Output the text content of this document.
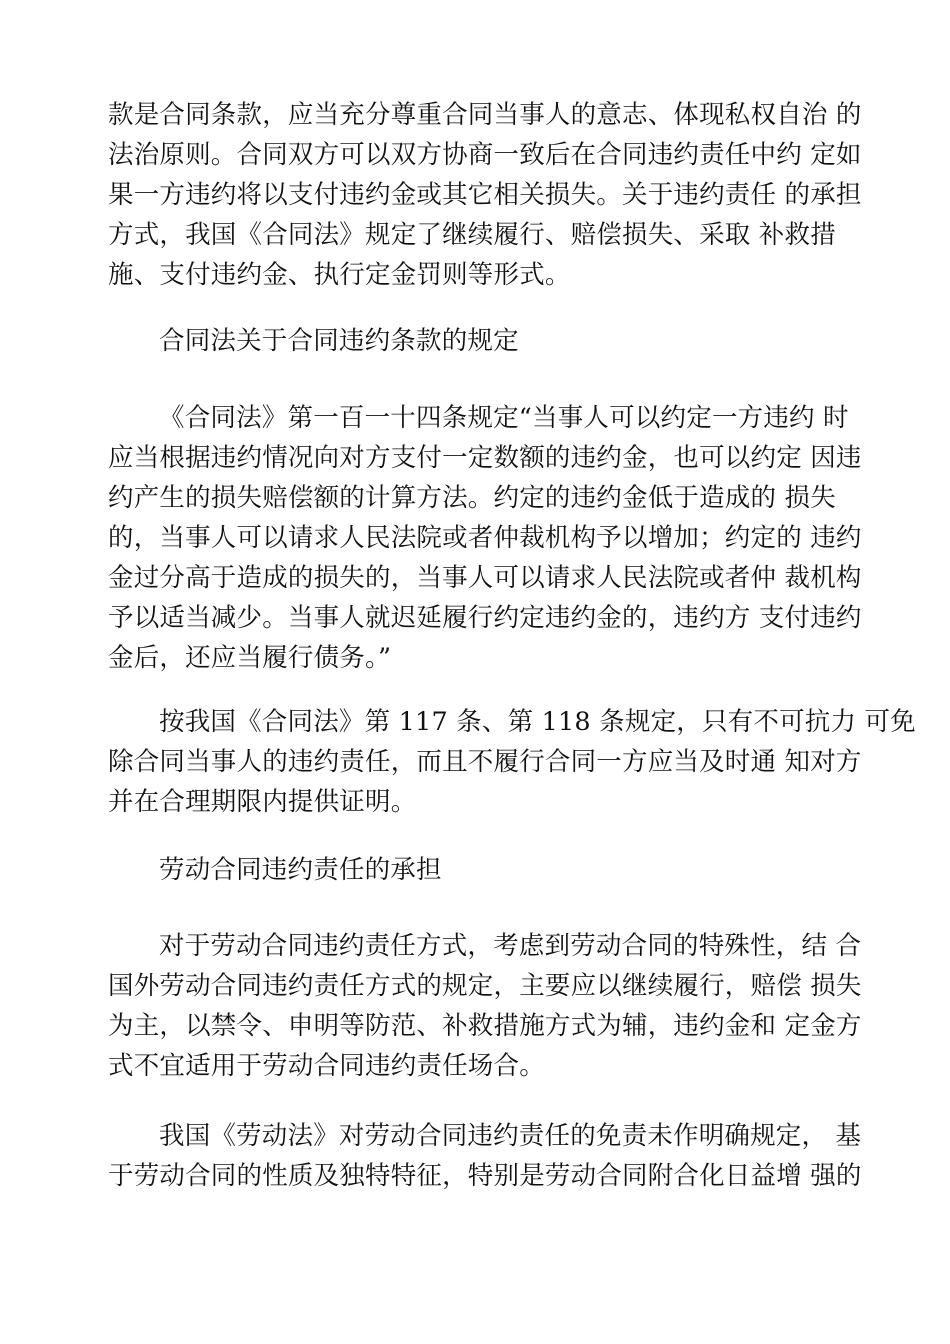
款是合同条款，应当充分尊重合同当事人的意志、体现私权自治 的
法治原则。合同双方可以双方协商一致后在合同违约责任中约 定如
果一方违约将以支付违约金或其它相关损失。关于违约责任 的承担
方式，我国《合同法》规定了继续履行、赔偿损失、采取 补救措
施、支付违约金、执行定金罚则等形式。
合同法关于合同违约条款的规定
《合同法》第一百一十四条规定“当事人可以约定一方违约 时
应当根据违约情况向对方支付一定数额的违约金，也可以约定 因违
约产生的损失赔偿额的计算方法。约定的违约金低于造成的 损失
的，当事人可以请求人民法院或者仲裁机构予以增加；约定的 违约
金过分高于造成的损失的，当事人可以请求人民法院或者仲 裁机构
予以适当减少。当事人就迟延履行约定违约金的，违约方 支付违约
金后，还应当履行债务。”
按我国《合同法》第 117 条、第 118 条规定，只有不可抗力 可免
除合同当事人的违约责任，而且不履行合同一方应当及时通 知对方
并在合理期限内提供证明。
劳动合同违约责任的承担
对于劳动合同违约责任方式，考虑到劳动合同的特殊性，结 合
国外劳动合同违约责任方式的规定，主要应以继续履行，赔偿 损失
为主，以禁令、申明等防范、补救措施方式为辅，违约金和 定金方
式不宜适用于劳动合同违约责任场合。
我国《劳动法》对劳动合同违约责任的免责未作明确规定， 基
于劳动合同的性质及独特特征，特别是劳动合同附合化日益增 强的
